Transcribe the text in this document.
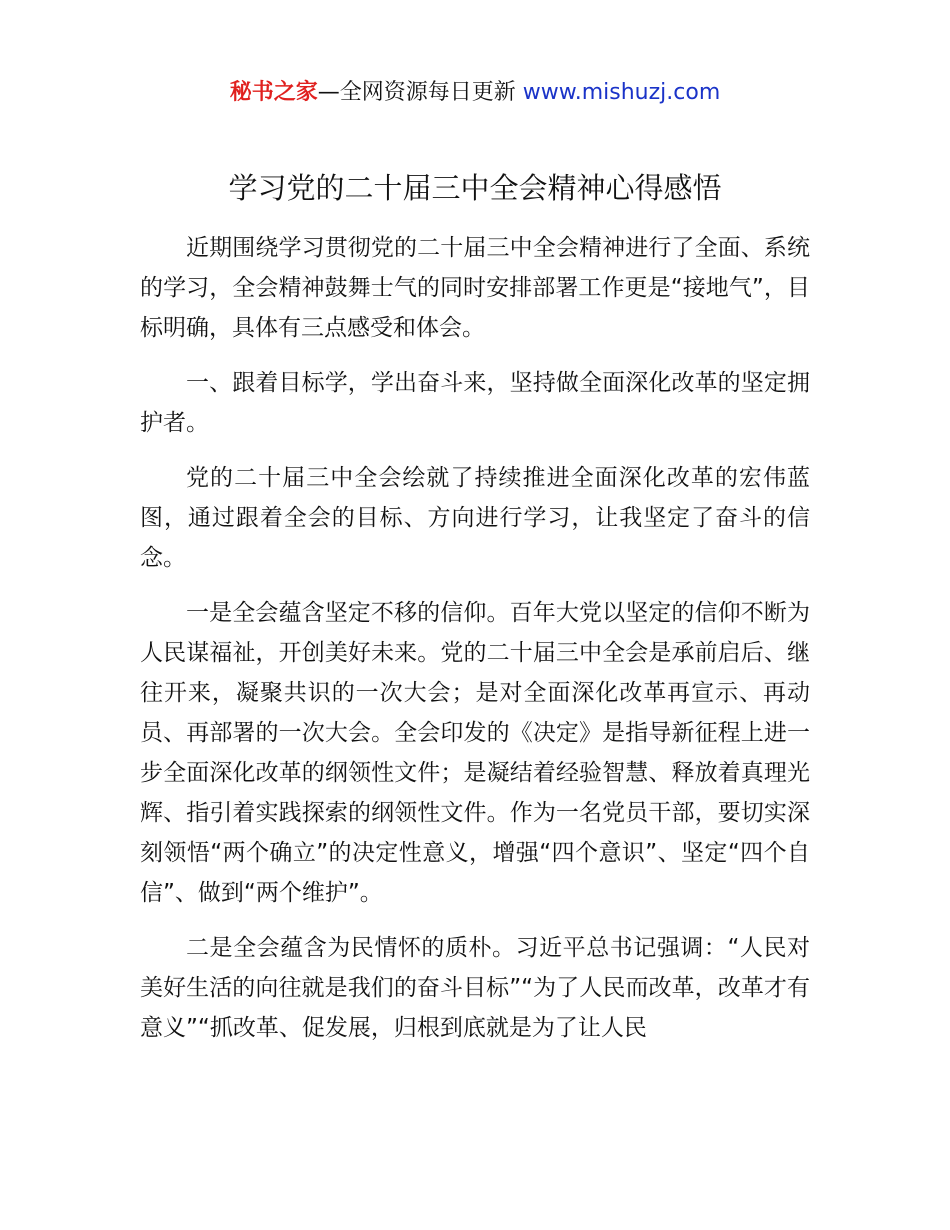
秘书之家—全网资源每日更新 www.mishuzj.com
学习党的二十届三中全会精神心得感悟

近期围绕学习贯彻党的二十届三中全会精神进行了全面、系统的学习，全会精神鼓舞士气的同时安排部署工作更是“接地气”，目标明确，具体有三点感受和体会。

一、跟着目标学，学出奋斗来，坚持做全面深化改革的坚定拥护者。

党的二十届三中全会绘就了持续推进全面深化改革的宏伟蓝图，通过跟着全会的目标、方向进行学习，让我坚定了奋斗的信念。

一是全会蕴含坚定不移的信仰。百年大党以坚定的信仰不断为人民谋福祉，开创美好未来。党的二十届三中全会是承前启后、继往开来，凝聚共识的一次大会；是对全面深化改革再宣示、再动员、再部署的一次大会。全会印发的《决定》是指导新征程上进一步全面深化改革的纲领性文件；是凝结着经验智慧、释放着真理光辉、指引着实践探索的纲领性文件。作为一名党员干部，要切实深刻领悟“两个确立”的决定性意义，增强“四个意识”、坚定“四个自信”、做到“两个维护”。

二是全会蕴含为民情怀的质朴。习近平总书记强调：“人民对美好生活的向往就是我们的奋斗目标”“为了人民而改革，改革才有意义”“抓改革、促发展，归根到底就是为了让人民
